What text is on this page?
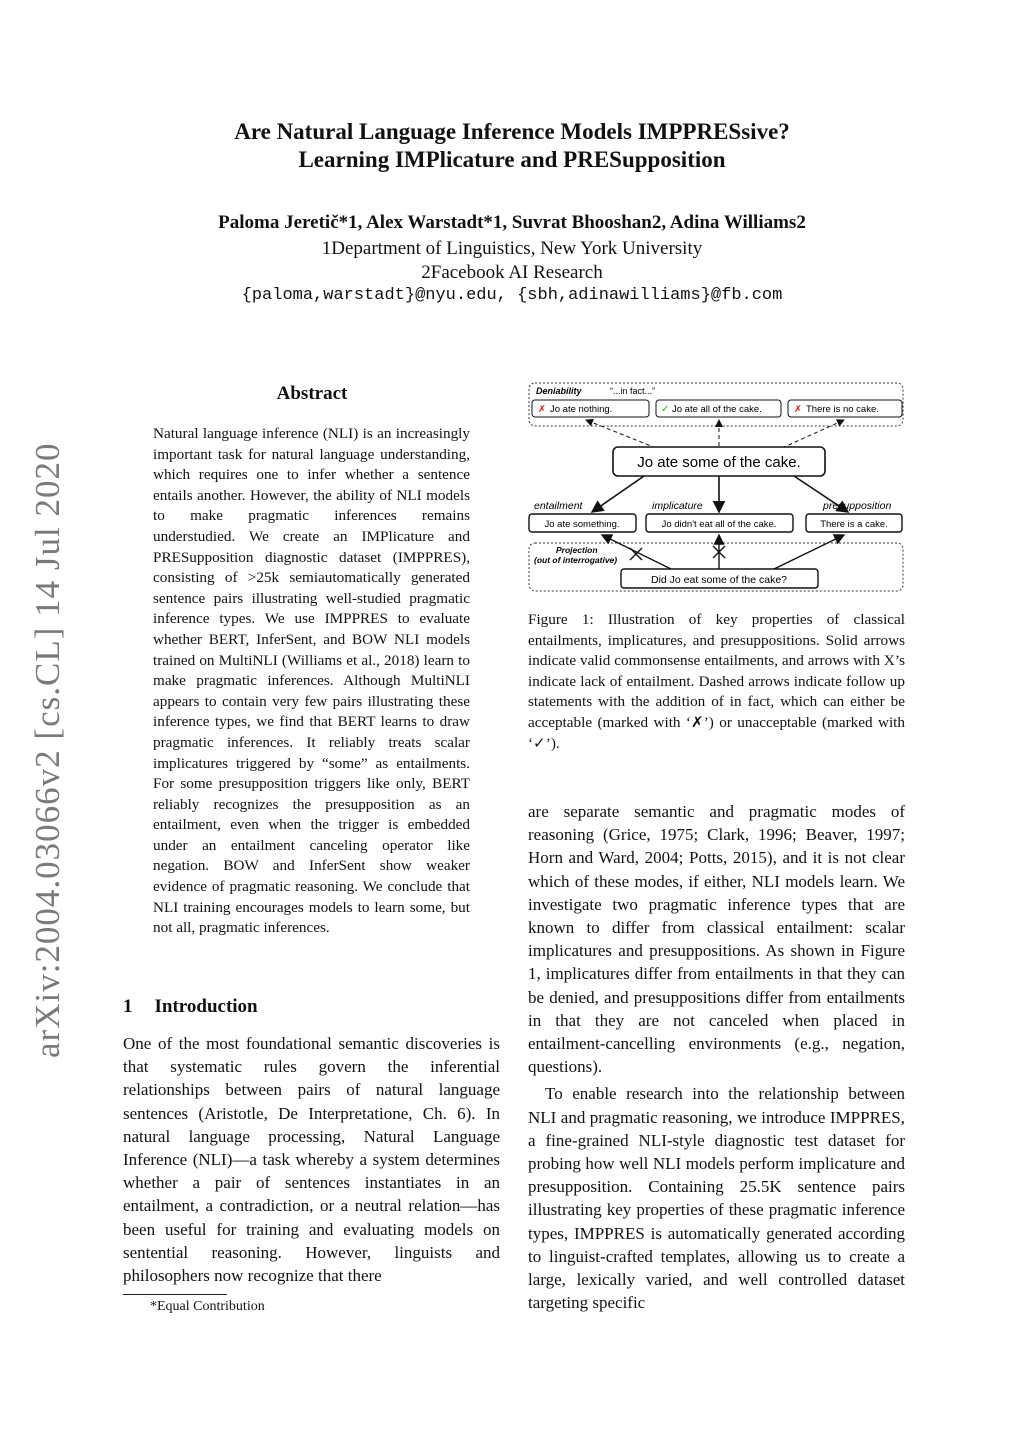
arXiv:2004.03066v2 [cs.CL] 14 Jul 2020
Are Natural Language Inference Models IMPPRESsive?
Learning IMPlicature and PRESupposition
Paloma Jeretič*1, Alex Warstadt*1, Suvrat Bhooshan2, Adina Williams2
1Department of Linguistics, New York University
2Facebook AI Research
{paloma,warstadt}@nyu.edu, {sbh,adinawilliams}@fb.com
Abstract
Natural language inference (NLI) is an increasingly important task for natural language understanding, which requires one to infer whether a sentence entails another. However, the ability of NLI models to make pragmatic inferences remains understudied. We create an IMPlicature and PRESupposition diagnostic dataset (IMPPRES), consisting of >25k semiautomatically generated sentence pairs illustrating well-studied pragmatic inference types. We use IMPPRES to evaluate whether BERT, InferSent, and BOW NLI models trained on MultiNLI (Williams et al., 2018) learn to make pragmatic inferences. Although MultiNLI appears to contain very few pairs illustrating these inference types, we find that BERT learns to draw pragmatic inferences. It reliably treats scalar implicatures triggered by “some” as entailments. For some presupposition triggers like only, BERT reliably recognizes the presupposition as an entailment, even when the trigger is embedded under an entailment canceling operator like negation. BOW and InferSent show weaker evidence of pragmatic reasoning. We conclude that NLI training encourages models to learn some, but not all, pragmatic inferences.
1 Introduction

One of the most foundational semantic discoveries is that systematic rules govern the inferential relationships between pairs of natural language sentences (Aristotle, De Interpretatione, Ch. 6). In natural language processing, Natural Language Inference (NLI)—a task whereby a system determines whether a pair of sentences instantiates in an entailment, a contradiction, or a neutral relation—has been useful for training and evaluating models on sentential reasoning. However, linguists and philosophers now recognize that there

*Equal Contribution
Deniability	“...in fact...”
✗ Jo ate nothing.	✓ Jo ate all of the cake.	✗ There is no cake.
Jo ate some of the cake.
entailment	implicature	presupposition
Jo ate something.	Jo didn't eat all of the cake.	There is a cake.
Projection
(out of interrogative)
Did Jo eat some of the cake?
Figure 1: Illustration of key properties of classical entailments, implicatures, and presuppositions. Solid arrows indicate valid commonsense entailments, and arrows with X’s indicate lack of entailment. Dashed arrows indicate follow up statements with the addition of in fact, which can either be acceptable (marked with ‘✗’) or unacceptable (marked with ‘✓’).

are separate semantic and pragmatic modes of reasoning (Grice, 1975; Clark, 1996; Beaver, 1997; Horn and Ward, 2004; Potts, 2015), and it is not clear which of these modes, if either, NLI models learn. We investigate two pragmatic inference types that are known to differ from classical entailment: scalar implicatures and presuppositions. As shown in Figure 1, implicatures differ from entailments in that they can be denied, and presuppositions differ from entailments in that they are not canceled when placed in entailment-cancelling environments (e.g., negation, questions).

To enable research into the relationship between NLI and pragmatic reasoning, we introduce IMPPRES, a fine-grained NLI-style diagnostic test dataset for probing how well NLI models perform implicature and presupposition. Containing 25.5K sentence pairs illustrating key properties of these pragmatic inference types, IMPPRES is automatically generated according to linguist-crafted templates, allowing us to create a large, lexically varied, and well controlled dataset targeting specific
